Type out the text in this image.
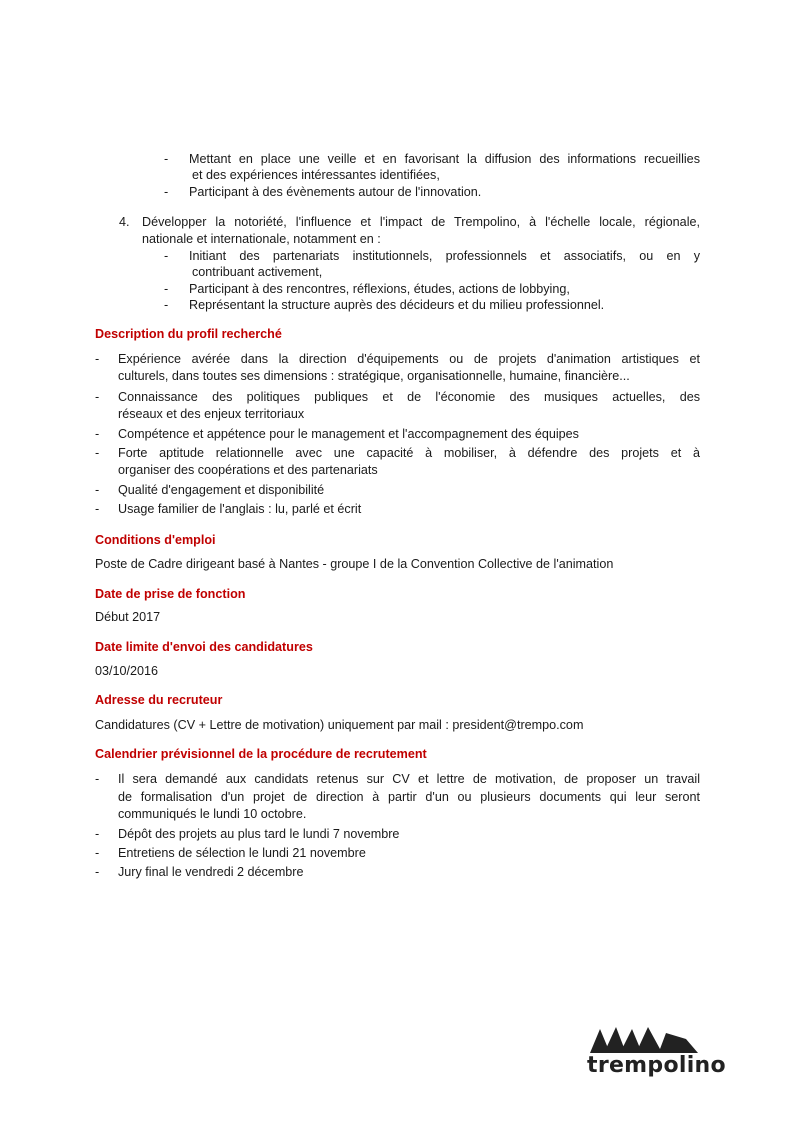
- Mettant en place une veille et en favorisant la diffusion des informations recueillies
et des expériences intéressantes identifiées,
- Participant à des évènements autour de l'innovation.
4. Développer la notoriété, l'influence et l'impact de Trempolino, à l'échelle locale, régionale,
nationale et internationale, notamment en :
- Initiant des partenariats institutionnels, professionnels et associatifs, ou en y
contribuant activement,
- Participant à des rencontres, réflexions, études, actions de lobbying,
- Représentant la structure auprès des décideurs et du milieu professionnel.
Description du profil recherché
- Expérience avérée dans la direction d'équipements ou de projets d'animation artistiques et
culturels, dans toutes ses dimensions : stratégique, organisationnelle, humaine, financière...
- Connaissance des politiques publiques et de l'économie des musiques actuelles, des
réseaux et des enjeux territoriaux
- Compétence et appétence pour le management et l'accompagnement des équipes
- Forte aptitude relationnelle avec une capacité à mobiliser, à défendre des projets et à
organiser des coopérations et des partenariats
- Qualité d'engagement et disponibilité
- Usage familier de l'anglais : lu, parlé et écrit
Conditions d'emploi
Poste de Cadre dirigeant basé à Nantes - groupe I de la Convention Collective de l'animation
Date de prise de fonction
Début 2017
Date limite d'envoi des candidatures
03/10/2016
Adresse du recruteur
Candidatures (CV + Lettre de motivation) uniquement par mail : president@trempo.com
Calendrier prévisionnel de la procédure de recrutement
- Il sera demandé aux candidats retenus sur CV et lettre de motivation, de proposer un travail
de formalisation d'un projet de direction à partir d'un ou plusieurs documents qui leur seront
communiqués le lundi 10 octobre.
- Dépôt des projets au plus tard le lundi 7 novembre
- Entretiens de sélection le lundi 21 novembre
- Jury final le vendredi 2 décembre
trempolino
